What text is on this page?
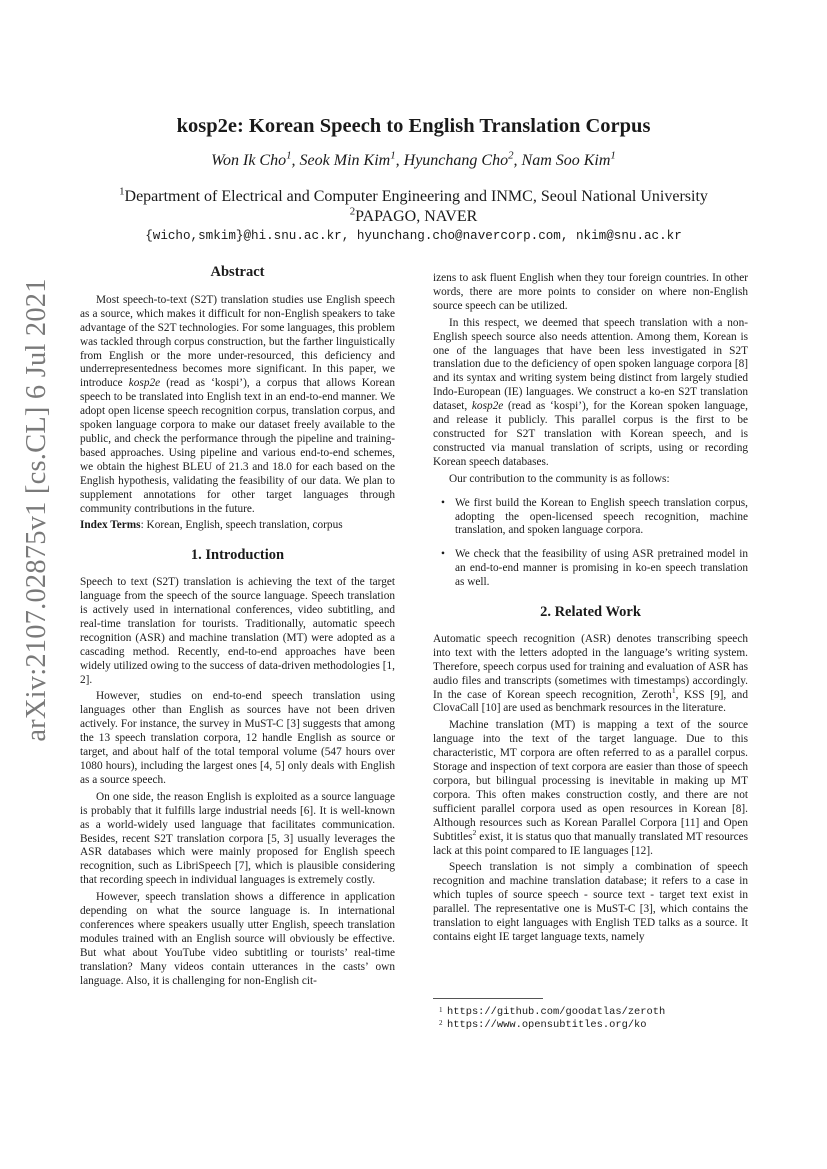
arXiv:2107.02875v1 [cs.CL] 6 Jul 2021
kosp2e: Korean Speech to English Translation Corpus
Won Ik Cho$^1$, Seok Min Kim$^1$, Hyunchang Cho$^2$, Nam Soo Kim$^1$
$^1$Department of Electrical and Computer Engineering and INMC, Seoul National University
$^2$PAPAGO, NAVER
{wicho,smkim}@hi.snu.ac.kr, hyunchang.cho@navercorp.com, nkim@snu.ac.kr
Abstract

Most speech-to-text (S2T) translation studies use English speech as a source, which makes it difficult for non-English speakers to take advantage of the S2T technologies. For some languages, this problem was tackled through corpus construction, but the farther linguistically from English or the more under-resourced, this deficiency and underrepresentedness becomes more significant. In this paper, we introduce kosp2e (read as ‘kospi’), a corpus that allows Korean speech to be translated into English text in an end-to-end manner. We adopt open license speech recognition corpus, translation corpus, and spoken language corpora to make our dataset freely available to the public, and check the performance through the pipeline and training-based approaches. Using pipeline and various end-to-end schemes, we obtain the highest BLEU of 21.3 and 18.0 for each based on the English hypothesis, validating the feasibility of our data. We plan to supplement annotations for other target languages through community contributions in the future.

Index Terms: Korean, English, speech translation, corpus

1. Introduction

Speech to text (S2T) translation is achieving the text of the target language from the speech of the source language. Speech translation is actively used in international conferences, video subtitling, and real-time translation for tourists. Traditionally, automatic speech recognition (ASR) and machine translation (MT) were adopted as a cascading method. Recently, end-to-end approaches have been widely utilized owing to the success of data-driven methodologies [1, 2].

However, studies on end-to-end speech translation using languages other than English as sources have not been driven actively. For instance, the survey in MuST-C [3] suggests that among the 13 speech translation corpora, 12 handle English as source or target, and about half of the total temporal volume (547 hours over 1080 hours), including the largest ones [4, 5] only deals with English as a source speech.

On one side, the reason English is exploited as a source language is probably that it fulfills large industrial needs [6]. It is well-known as a world-widely used language that facilitates communication. Besides, recent S2T translation corpora [5, 3] usually leverages the ASR databases which were mainly proposed for English speech recognition, such as LibriSpeech [7], which is plausible considering that recording speech in individual languages is extremely costly.

However, speech translation shows a difference in application depending on what the source language is. In international conferences where speakers usually utter English, speech translation modules trained with an English source will obviously be effective. But what about YouTube video subtitling or tourists’ real-time translation? Many videos contain utterances in the casts’ own language. Also, it is challenging for non-English cit-

izens to ask fluent English when they tour foreign countries. In other words, there are more points to consider on where non-English source speech can be utilized.

In this respect, we deemed that speech translation with a non-English speech source also needs attention. Among them, Korean is one of the languages that have been less investigated in S2T translation due to the deficiency of open spoken language corpora [8] and its syntax and writing system being distinct from largely studied Indo-European (IE) languages. We construct a ko-en S2T translation dataset, kosp2e (read as ‘kospi’), for the Korean spoken language, and release it publicly. This parallel corpus is the first to be constructed for S2T translation with Korean speech, and is constructed via manual translation of scripts, using or recording Korean speech databases.

Our contribution to the community is as follows:

• We first build the Korean to English speech translation corpus, adopting the open-licensed speech recognition, machine translation, and spoken language corpora.
• We check that the feasibility of using ASR pretrained model in an end-to-end manner is promising in ko-en speech translation as well.
2. Related Work

Automatic speech recognition (ASR) denotes transcribing speech into text with the letters adopted in the language’s writing system. Therefore, speech corpus used for training and evaluation of ASR has audio files and transcripts (sometimes with timestamps) accordingly. In the case of Korean speech recognition, Zeroth$^1$, KSS [9], and ClovaCall [10] are used as benchmark resources in the literature.

Machine translation (MT) is mapping a text of the source language into the text of the target language. Due to this characteristic, MT corpora are often referred to as a parallel corpus. Storage and inspection of text corpora are easier than those of speech corpora, but bilingual processing is inevitable in making up MT corpora. This often makes construction costly, and there are not sufficient parallel corpora used as open resources in Korean [8]. Although resources such as Korean Parallel Corpora [11] and Open Subtitles$^2$ exist, it is status quo that manually translated MT resources lack at this point compared to IE languages [12].

Speech translation is not simply a combination of speech recognition and machine translation database; it refers to a case in which tuples of source speech - source text - target text exist in parallel. The representative one is MuST-C [3], which contains the translation to eight languages with English TED talks as a source. It contains eight IE target language texts, namely

1 https://github.com/goodatlas/zeroth
2 https://www.opensubtitles.org/ko
